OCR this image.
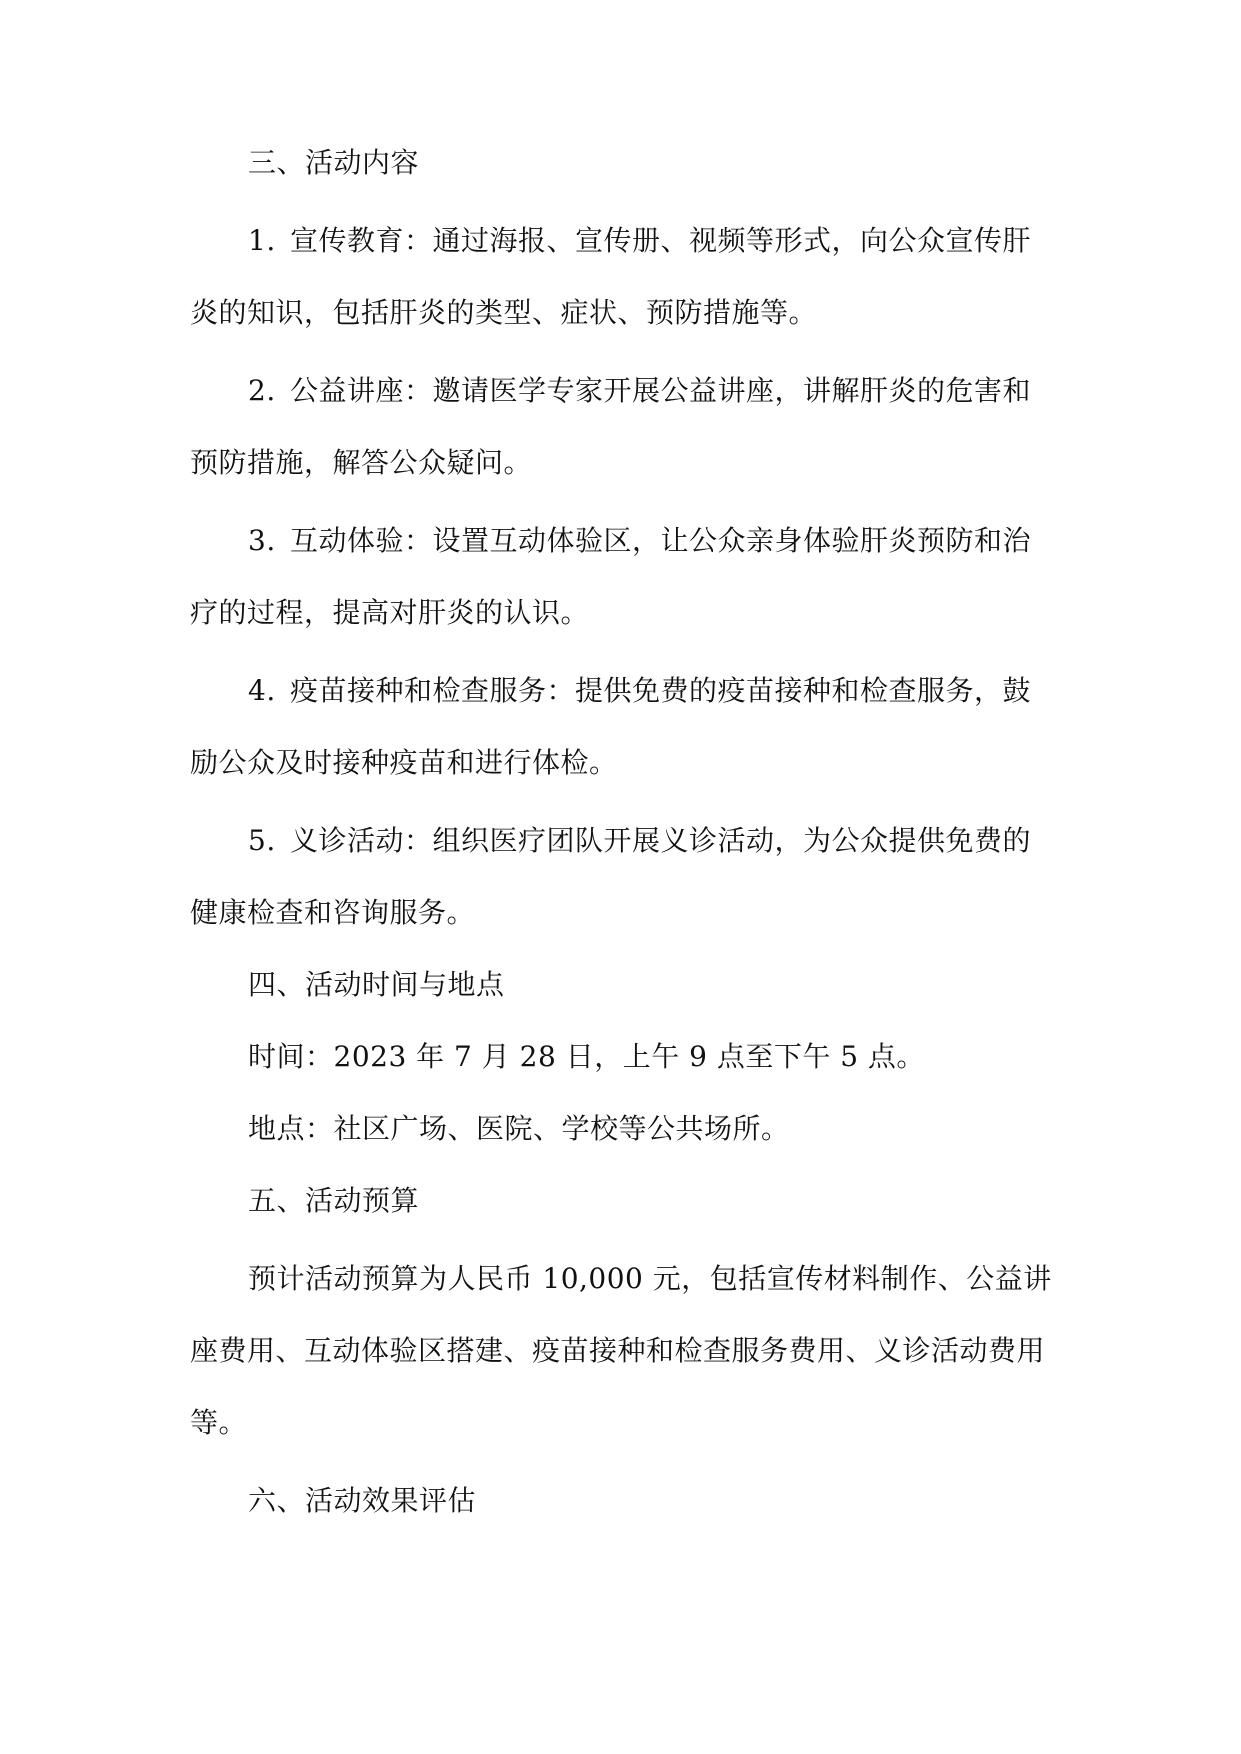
三、活动内容

1. 宣传教育：通过海报、宣传册、视频等形式，向公众宣传肝

炎的知识，包括肝炎的类型、症状、预防措施等。

2. 公益讲座：邀请医学专家开展公益讲座，讲解肝炎的危害和

预防措施，解答公众疑问。

3. 互动体验：设置互动体验区，让公众亲身体验肝炎预防和治

疗的过程，提高对肝炎的认识。

4. 疫苗接种和检查服务：提供免费的疫苗接种和检查服务，鼓

励公众及时接种疫苗和进行体检。

5. 义诊活动：组织医疗团队开展义诊活动，为公众提供免费的

健康检查和咨询服务。

四、活动时间与地点

时间：2023 年 7 月 28 日，上午 9 点至下午 5 点。

地点：社区广场、医院、学校等公共场所。

五、活动预算

预计活动预算为人民币 10,000 元，包括宣传材料制作、公益讲

座费用、互动体验区搭建、疫苗接种和检查服务费用、义诊活动费用

等。

六、活动效果评估
